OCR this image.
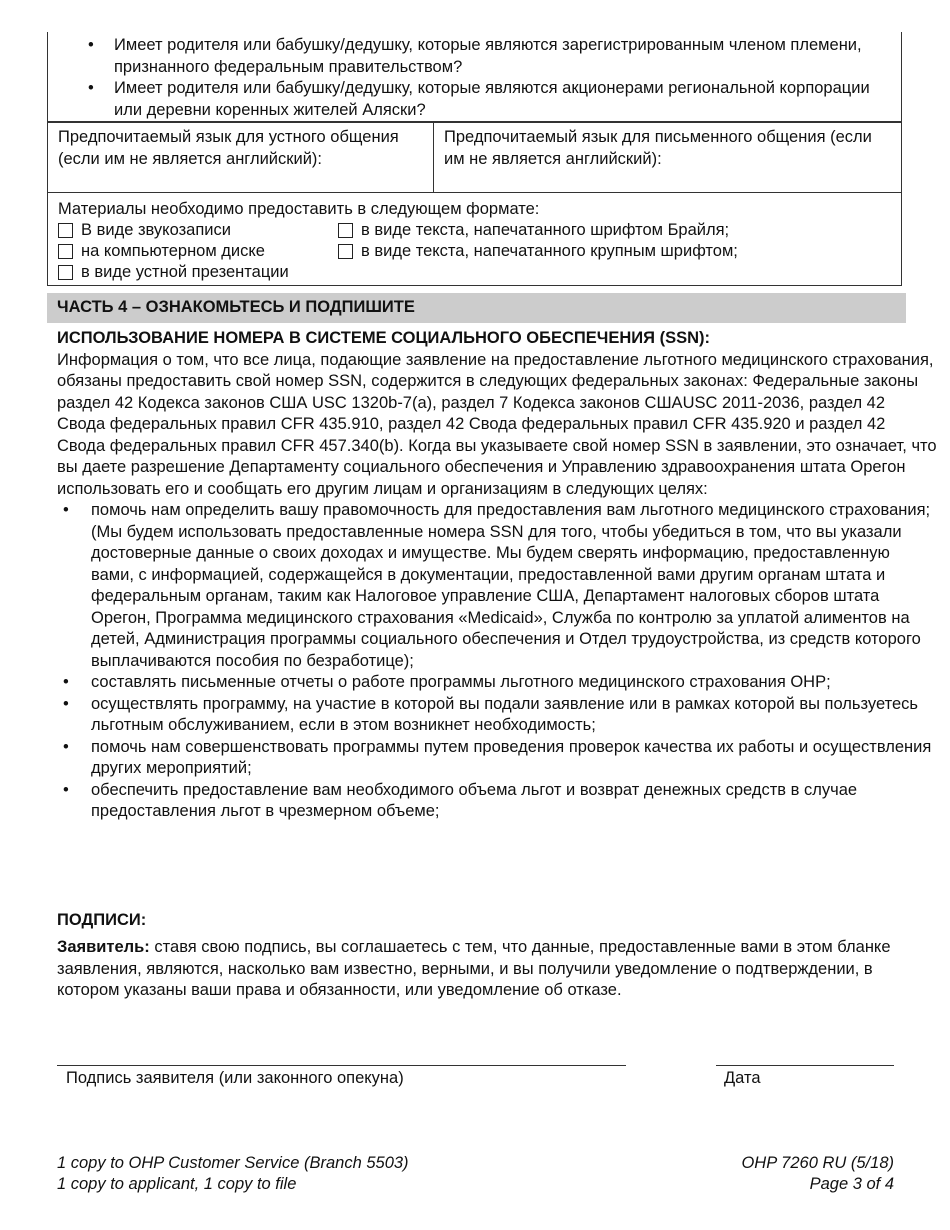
• Имеет родителя или бабушку/дедушку, которые являются зарегистрированным членом племени, признанного федеральным правительством?
• Имеет родителя или бабушку/дедушку, которые являются акционерами региональной корпорации или деревни коренных жителей Аляски?
Предпочитаемый язык для устного общения (если им не является английский):
Предпочитаемый язык для письменного общения (если им не является английский):
Материалы необходимо предоставить в следующем формате:
В виде звукозаписи	в виде текста, напечатанного шрифтом Брайля;
на компьютерном диске	в виде текста, напечатанного крупным шрифтом;
в виде устной презентации
ЧАСТЬ 4 – ОЗНАКОМЬТЕСЬ И ПОДПИШИТЕ

ИСПОЛЬЗОВАНИЕ НОМЕРА В СИСТЕМЕ СОЦИАЛЬНОГО ОБЕСПЕЧЕНИЯ (SSN):

Информация о том, что все лица, подающие заявление на предоставление льготного медицинского страхования, обязаны предоставить свой номер SSN, содержится в следующих федеральных законах: Федеральные законы раздел 42 Кодекса законов США USC 1320b-7(a), раздел 7 Кодекса законов СШАUSC 2011-2036, раздел 42 Свода федеральных правил CFR 435.910, раздел 42 Свода федеральных правил CFR 435.920 и раздел 42 Свода федеральных правил CFR 457.340(b). Когда вы указываете свой номер SSN в заявлении, это означает, что вы даете разрешение Департаменту социального обеспечения и Управлению здравоохранения штата Орегон использовать его и сообщать его другим лицам и организациям в следующих целях:

• помочь нам определить вашу правомочность для предоставления вам льготного медицинского страхования; (Мы будем использовать предоставленные номера SSN для того, чтобы убедиться в том, что вы указали достоверные данные о своих доходах и имуществе. Мы будем сверять информацию, предоставленную вами, с информацией, содержащейся в документации, предоставленной вами другим органам штата и федеральным органам, таким как Налоговое управление США, Департамент налоговых сборов штата Орегон, Программа медицинского страхования «Medicaid», Служба по контролю за уплатой алиментов на детей, Администрация программы социального обеспечения и Отдел трудоустройства, из средств которого выплачиваются пособия по безработице);
• составлять письменные отчеты о работе программы льготного медицинского страхования OHP;
• осуществлять программу, на участие в которой вы подали заявление или в рамках которой вы пользуетесь льготным обслуживанием, если в этом возникнет необходимость;
• помочь нам совершенствовать программы путем проведения проверок качества их работы и осуществления других мероприятий;
• обеспечить предоставление вам необходимого объема льгот и возврат денежных средств в случае предоставления льгот в чрезмерном объеме;

ПОДПИСИ:

Заявитель: ставя свою подпись, вы соглашаетесь с тем, что данные, предоставленные вами в этом бланке заявления, являются, насколько вам известно, верными, и вы получили уведомление о подтверждении, в котором указаны ваши права и обязанности, или уведомление об отказе.

Подпись заявителя (или законного опекуна)	Дата
1 copy to OHP Customer Service (Branch 5503)
1 copy to applicant, 1 copy to file
OHP 7260 RU (5/18)
Page 3 of 4
